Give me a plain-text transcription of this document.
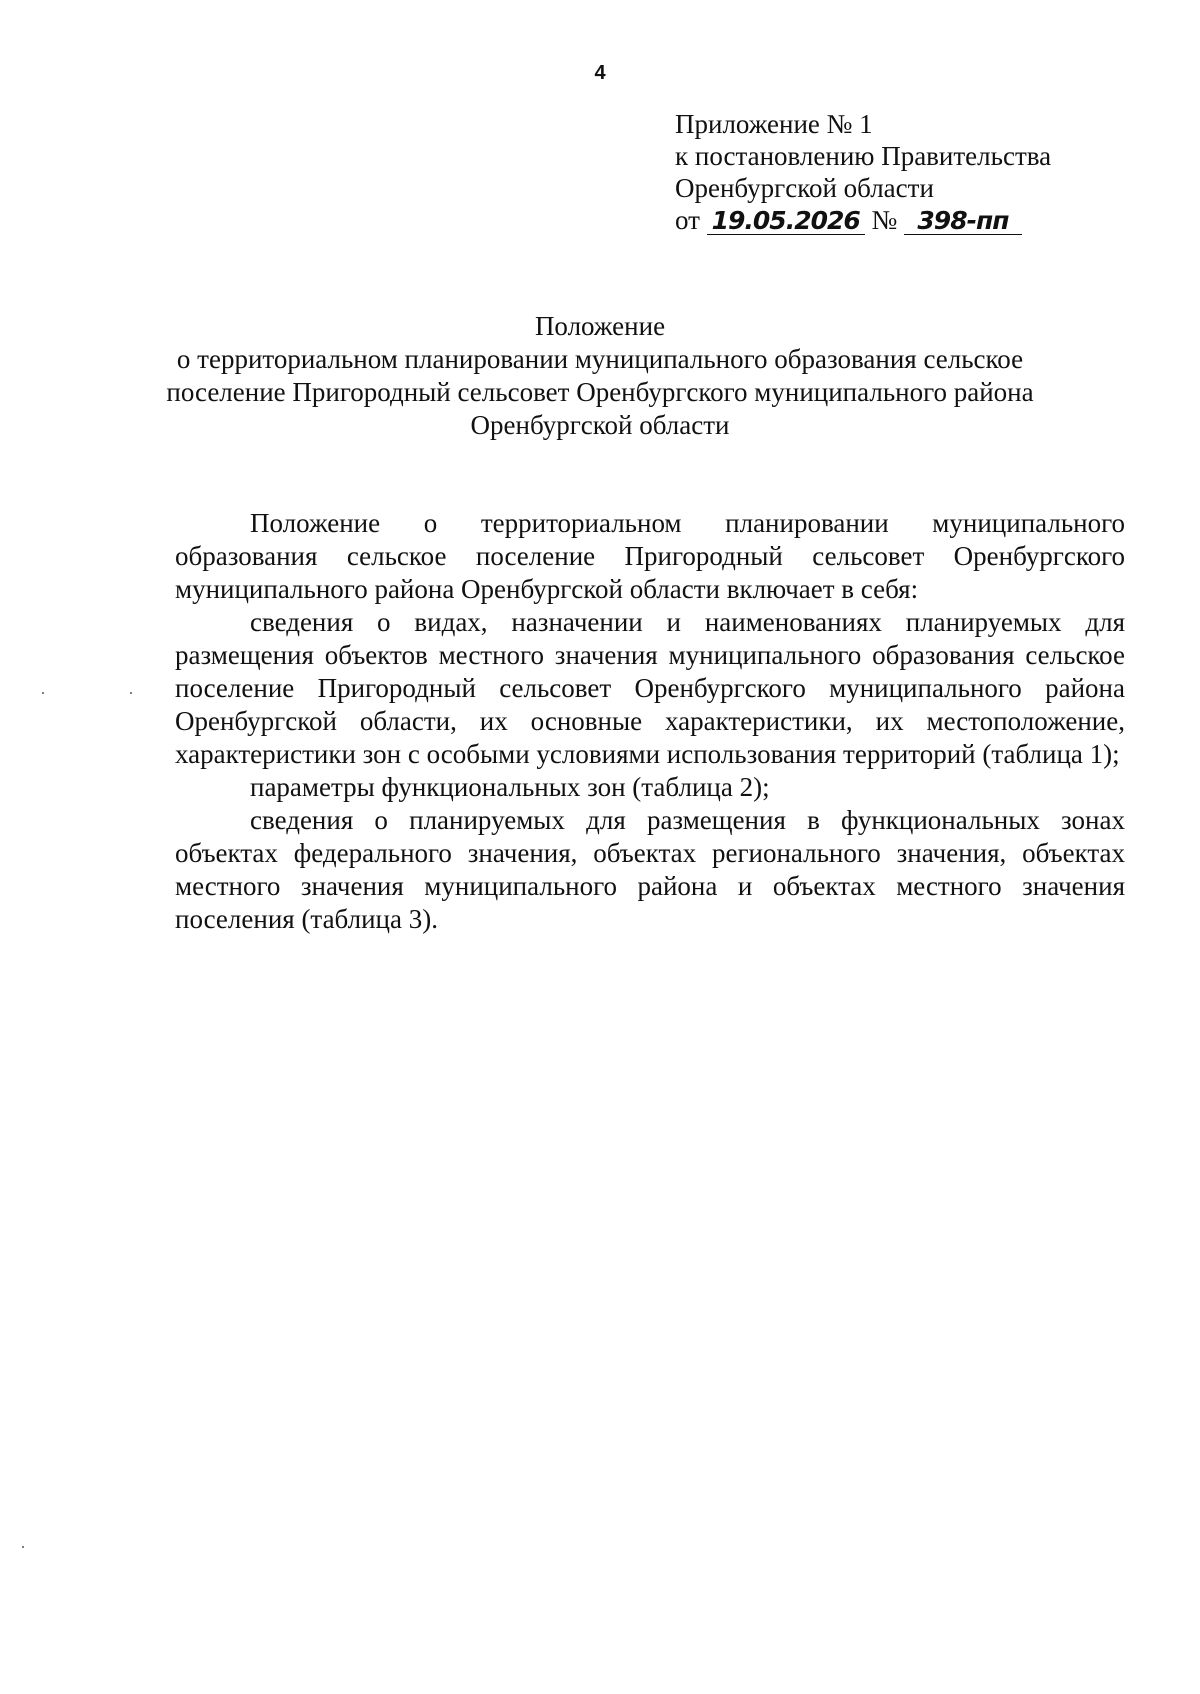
4
Приложение № 1
к постановлению Правительства
Оренбургской области
от 19.05.2026 № 398-пп
Положение
о территориальном планировании муниципального образования сельское
поселение Пригородный сельсовет Оренбургского муниципального района
Оренбургской области

Положение о территориальном планировании муниципального образования сельское поселение Пригородный сельсовет Оренбургского муниципального района Оренбургской области включает в себя:

сведения о видах, назначении и наименованиях планируемых для размещения объектов местного значения муниципального образования сельское поселение Пригородный сельсовет Оренбургского муниципального района Оренбургской области, их основные характеристики, их местоположение, характеристики зон с особыми условиями использования территорий (таблица 1);

параметры функциональных зон (таблица 2);

сведения о планируемых для размещения в функциональных зонах объектах федерального значения, объектах регионального значения, объектах местного значения муниципального района и объектах местного значения поселения (таблица 3).
